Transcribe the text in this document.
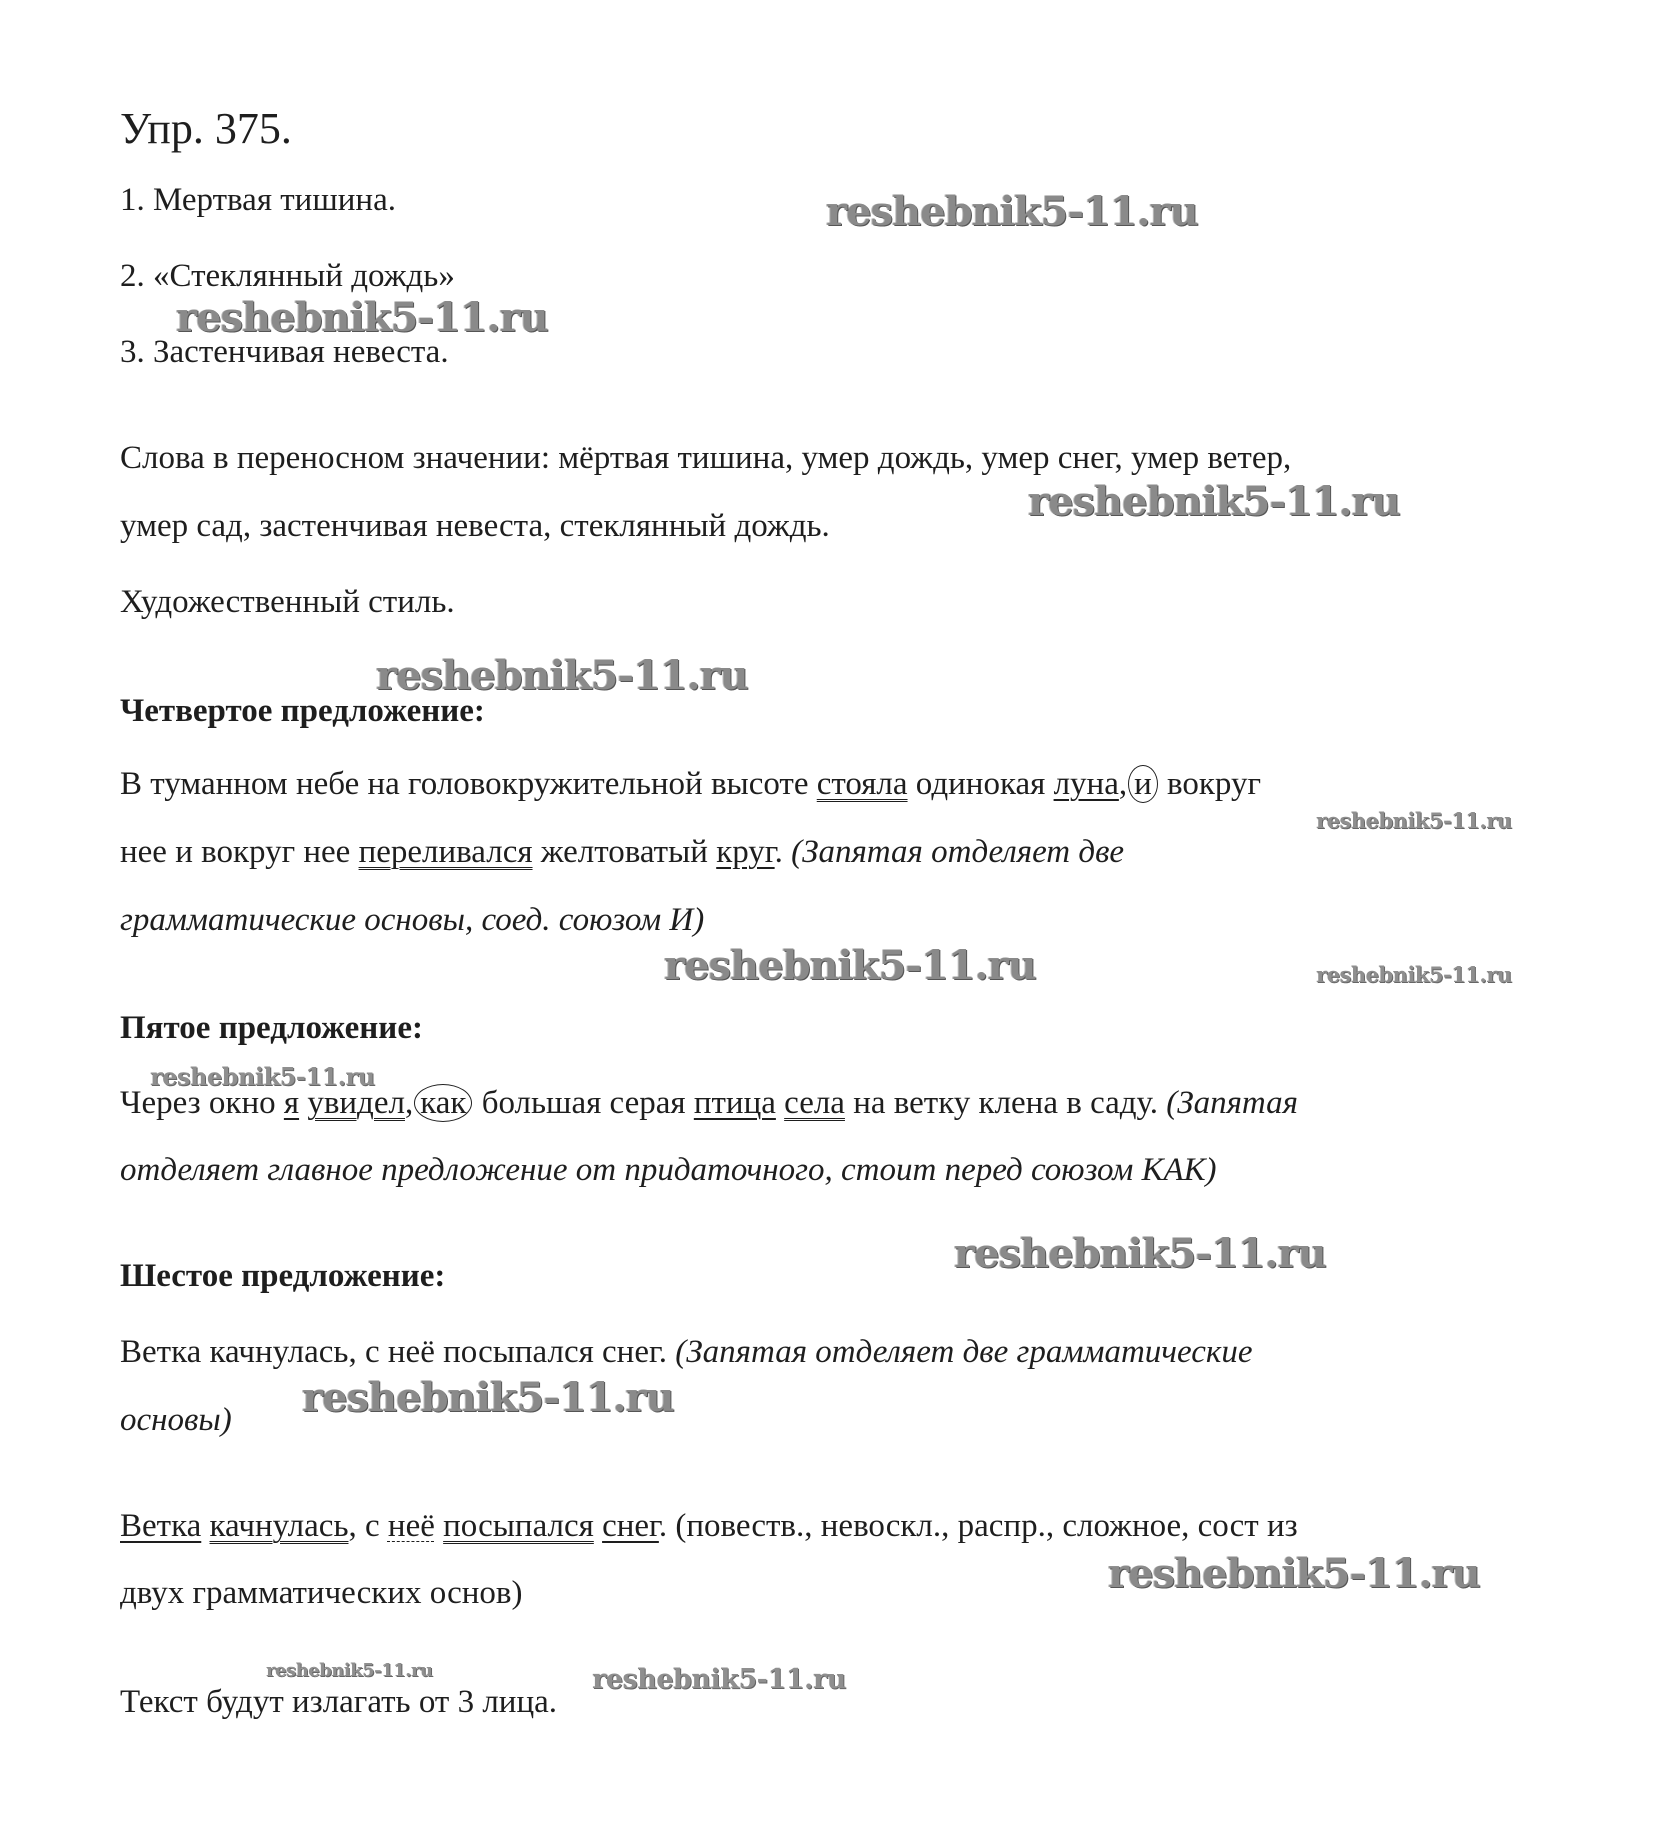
Упр. 375.
1. Мертвая тишина.
2. «Стеклянный дождь»
3. Застенчивая невеста.
Слова в переносном значении: мёртвая тишина, умер дождь, умер снег, умер ветер,
умер сад, застенчивая невеста, стеклянный дождь.
Художественный стиль.
Четвертое предложение:
В туманном небе на головокружительной высоте стояла одинокая луна, и вокруг
нее и вокруг нее переливался желтоватый круг. (Запятая отделяет две
грамматические основы, соед. союзом И)
Пятое предложение:
Через окно я увидел, как большая серая птица села на ветку клена в саду. (Запятая
отделяет главное предложение от придаточного, стоит перед союзом КАК)
Шестое предложение:
Ветка качнулась, с неё посыпался снег. (Запятая отделяет две грамматические
основы)
Ветка качнулась, с неё посыпался снег. (повеств., невоскл., распр., сложное, сост из
двух грамматических основ)
Текст будут излагать от 3 лица.
reshebnik5-11.ru
reshebnik5-11.ru
reshebnik5-11.ru
reshebnik5-11.ru
reshebnik5-11.ru
reshebnik5-11.ru	reshebnik5-11.ru
reshebnik5-11.ru
reshebnik5-11.ru
reshebnik5-11.ru
reshebnik5-11.ru
reshebnik5-11.ru	reshebnik5-11.ru
